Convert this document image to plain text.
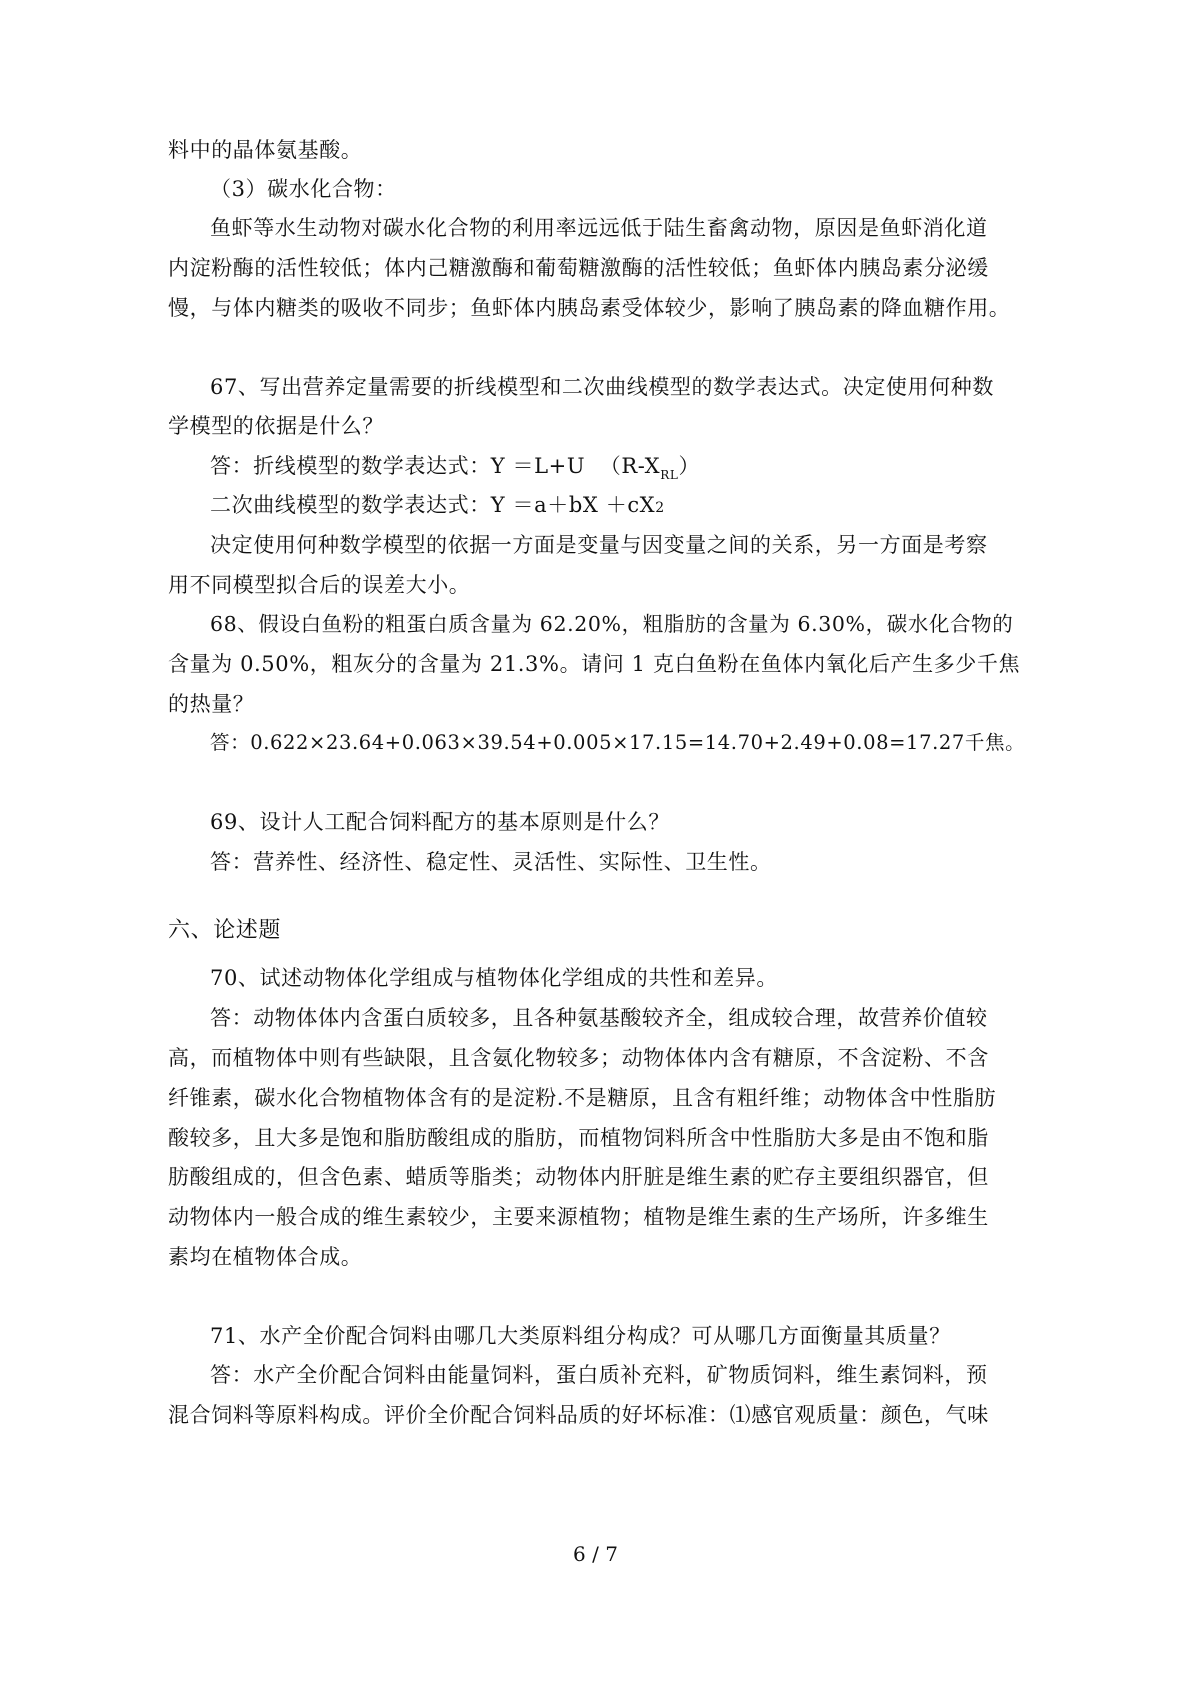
料中的晶体氨基酸。
（3）碳水化合物：
鱼虾等水生动物对碳水化合物的利用率远远低于陆生畜禽动物，原因是鱼虾消化道
内淀粉酶的活性较低；体内己糖激酶和葡萄糖激酶的活性较低；鱼虾体内胰岛素分泌缓
慢，与体内糖类的吸收不同步；鱼虾体内胰岛素受体较少，影响了胰岛素的降血糖作用。
67、写出营养定量需要的折线模型和二次曲线模型的数学表达式。决定使用何种数
学模型的依据是什么？
答：折线模型的数学表达式：Y ＝L+U  $(R-X_{RL})$
二次曲线模型的数学表达式：Y ＝a＋bX ＋cX2
决定使用何种数学模型的依据一方面是变量与因变量之间的关系，另一方面是考察
用不同模型拟合后的误差大小。
68、假设白鱼粉的粗蛋白质含量为 62.20%，粗脂肪的含量为 6.30%，碳水化合物的
含量为 0.50%，粗灰分的含量为 21.3%。请问 1 克白鱼粉在鱼体内氧化后产生多少千焦
的热量？
答：0.622×23.64+0.063×39.54+0.005×17.15=14.70+2.49+0.08=17.27千焦。
69、设计人工配合饲料配方的基本原则是什么？
答：营养性、经济性、稳定性、灵活性、实际性、卫生性。
六、论述题
70、试述动物体化学组成与植物体化学组成的共性和差异。
答：动物体体内含蛋白质较多，且各种氨基酸较齐全，组成较合理，故营养价值较
高，而植物体中则有些缺限，且含氨化物较多；动物体体内含有糖原，不含淀粉、不含
纤锥素，碳水化合物植物体含有的是淀粉.不是糖原，且含有粗纤维；动物体含中性脂肪
酸较多，且大多是饱和脂肪酸组成的脂肪，而植物饲料所含中性脂肪大多是由不饱和脂
肪酸组成的，但含色素、蜡质等脂类；动物体内肝脏是维生素的贮存主要组织器官，但
动物体内一般合成的维生素较少，主要来源植物；植物是维生素的生产场所，许多维生
素均在植物体合成。
71、水产全价配合饲料由哪几大类原料组分构成？可从哪几方面衡量其质量？
答：水产全价配合饲料由能量饲料，蛋白质补充料，矿物质饲料，维生素饲料，预
混合饲料等原料构成。评价全价配合饲料品质的好坏标准：⑴感官观质量：颜色，气味
6 / 7
